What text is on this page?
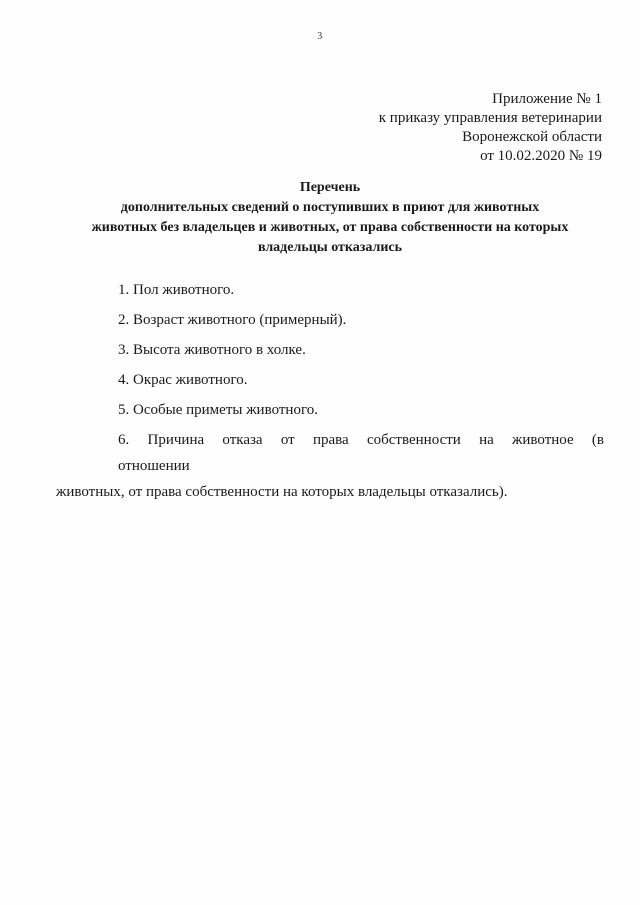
3
Приложение № 1
к приказу управления ветеринарии
Воронежской области
от 10.02.2020 № 19
Перечень
дополнительных сведений о поступивших в приют для животных
животных без владельцев и животных, от права собственности на которых
владельцы отказались
1. Пол животного.
2. Возраст животного (примерный).
3. Высота животного в холке.
4. Окрас животного.
5. Особые приметы животного.
6. Причина отказа от права собственности на животное (в отношении
животных, от права собственности на которых владельцы отказались).
